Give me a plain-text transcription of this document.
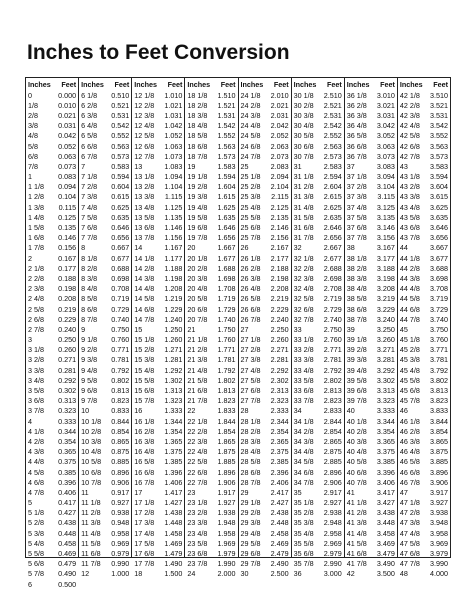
Inches to Feet Conversion
Inches Feet
0	0.000
1/8	0.010
2/8	0.021
3/8	0.031
4/8	0.042
5/8	0.052
6/8	0.063
7/8	0.073
1	0.083
1 1/8 0.094
1 2/8 0.104
1 3/8 0.115
1 4/8 0.125
1 5/8 0.135
1 6/8 0.146
1 7/8 0.156
2	0.167
2 1/8 0.177
2 2/8 0.188
2 3/8 0.198
2 4/8 0.208
2 5/8 0.219
2 6/8 0.229
2 7/8 0.240
3	0.250
3 1/8 0.260
3 2/8 0.271
3 3/8 0.281
3 4/8 0.292
3 5/8 0.302
3 6/8 0.313
3 7/8 0.323
4	0.333
4 1/8 0.344
4 2/8 0.354
4 3/8 0.365
4 4/8 0.375
4 5/8 0.385
4 6/8 0.396
4 7/8 0.406
5	0.417
5 1/8 0.427
5 2/8 0.438
5 3/8 0.448
5 4/8 0.458
5 5/8 0.469
5 6/8 0.479
5 7/8 0.490
6	0.500
Inches Feet
6 1/8 0.510
6 2/8 0.521
6 3/8 0.531
6 4/8 0.542
6 5/8 0.552
6 6/8 0.563
6 7/8 0.573
7	0.583
7 1/8 0.594
7 2/8 0.604
7 3/8 0.615
7 4/8 0.625
7 5/8 0.635
7 6/8 0.646
7 7/8 0.656
8	0.667
8 1/8 0.677
8 2/8 0.688
8 3/8 0.698
8 4/8 0.708
8 5/8 0.719
8 6/8 0.729
8 7/8 0.740
9	0.750
9 1/8 0.760
9 2/8 0.771
9 3/8 0.781
9 4/8 0.792
9 5/8 0.802
9 6/8 0.813
9 7/8 0.823
10	0.833
10 1/8 0.844
10 2/8 0.854
10 3/8 0.865
10 4/8 0.875
10 5/8 0.885
10 6/8 0.896
10 7/8 0.906
11	0.917
11 1/8 0.927
11 2/8 0.938
11 3/8 0.948
11 4/8 0.958
11 5/8 0.969
11 6/8 0.979
11 7/8 0.990
12	1.000
Inches Feet
12 1/8 1.010
12 2/8 1.021
12 3/8 1.031
12 4/8 1.042
12 5/8 1.052
12 6/8 1.063
12 7/8 1.073
13	1.083
13 1/8 1.094
13 2/8 1.104
13 3/8 1.115
13 4/8 1.125
13 5/8 1.135
13 6/8 1.146
13 7/8 1.156
14	1.167
14 1/8 1.177
14 2/8 1.188
14 3/8 1.198
14 4/8 1.208
14 5/8 1.219
14 6/8 1.229
14 7/8 1.240
15	1.250
15 1/8 1.260
15 2/8 1.271
15 3/8 1.281
15 4/8 1.292
15 5/8 1.302
15 6/8 1.313
15 7/8 1.323
16	1.333
16 1/8 1.344
16 2/8 1.354
16 3/8 1.365
16 4/8 1.375
16 5/8 1.385
16 6/8 1.396
16 7/8 1.406
17	1.417
17 1/8 1.427
17 2/8 1.438
17 3/8 1.448
17 4/8 1.458
17 5/8 1.469
17 6/8 1.479
17 7/8 1.490
18	1.500
Inches Feet
18 1/8 1.510
18 2/8 1.521
18 3/8 1.531
18 4/8 1.542
18 5/8 1.552
18 6/8 1.563
18 7/8 1.573
19	1.583
19 1/8 1.594
19 2/8 1.604
19 3/8 1.615
19 4/8 1.625
19 5/8 1.635
19 6/8 1.646
19 7/8 1.656
20	1.667
20 1/8 1.677
20 2/8 1.688
20 3/8 1.698
20 4/8 1.708
20 5/8 1.719
20 6/8 1.729
20 7/8 1.740
21	1.750
21 1/8 1.760
21 2/8 1.771
21 3/8 1.781
21 4/8 1.792
21 5/8 1.802
21 6/8 1.813
21 7/8 1.823
22	1.833
22 1/8 1.844
22 2/8 1.854
22 3/8 1.865
22 4/8 1.875
22 5/8 1.885
22 6/8 1.896
22 7/8 1.906
23	1.917
23 1/8 1.927
23 2/8 1.938
23 3/8 1.948
23 4/8 1.958
23 5/8 1.969
23 6/8 1.979
23 7/8 1.990
24	2.000
Inches Feet
24 1/8 2.010
24 2/8 2.021
24 3/8 2.031
24 4/8 2.042
24 5/8 2.052
24 6/8 2.063
24 7/8 2.073
25	2.083
25 1/8 2.094
25 2/8 2.104
25 3/8 2.115
25 4/8 2.125
25 5/8 2.135
25 6/8 2.146
25 7/8 2.156
26	2.167
26 1/8 2.177
26 2/8 2.188
26 3/8 2.198
26 4/8 2.208
26 5/8 2.219
26 6/8 2.229
26 7/8 2.240
27	2.250
27 1/8 2.260
27 2/8 2.271
27 3/8 2.281
27 4/8 2.292
27 5/8 2.302
27 6/8 2.313
27 7/8 2.323
28	2.333
28 1/8 2.344
28 2/8 2.354
28 3/8 2.365
28 4/8 2.375
28 5/8 2.385
28 6/8 2.396
28 7/8 2.406
29	2.417
29 1/8 2.427
29 2/8 2.438
29 3/8 2.448
29 4/8 2.458
29 5/8 2.469
29 6/8 2.479
29 7/8 2.490
30	2.500
Inches Feet
30 1/8 2.510
30 2/8 2.521
30 3/8 2.531
30 4/8 2.542
30 5/8 2.552
30 6/8 2.563
30 7/8 2.573
31	2.583
31 1/8 2.594
31 2/8 2.604
31 3/8 2.615
31 4/8 2.625
31 5/8 2.635
31 6/8 2.646
31 7/8 2.656
32	2.667
32 1/8 2.677
32 2/8 2.688
32 3/8 2.698
32 4/8 2.708
32 5/8 2.719
32 6/8 2.729
32 7/8 2.740
33	2.750
33 1/8 2.760
33 2/8 2.771
33 3/8 2.781
33 4/8 2.792
33 5/8 2.802
33 6/8 2.813
33 7/8 2.823
34	2.833
34 1/8 2.844
34 2/8 2.854
34 3/8 2.865
34 4/8 2.875
34 5/8 2.885
34 6/8 2.896
34 7/8 2.906
35	2.917
35 1/8 2.927
35 2/8 2.938
35 3/8 2.948
35 4/8 2.958
35 5/8 2.969
35 6/8 2.979
35 7/8 2.990
36	3.000
Inches Feet
36 1/8 3.010
36 2/8 3.021
36 3/8 3.031
36 4/8 3.042
36 5/8 3.052
36 6/8 3.063
36 7/8 3.073
37	3.083
37 1/8 3.094
37 2/8 3.104
37 3/8 3.115
37 4/8 3.125
37 5/8 3.135
37 6/8 3.146
37 7/8 3.156
38	3.167
38 1/8 3.177
38 2/8 3.188
38 3/8 3.198
38 4/8 3.208
38 5/8 3.219
38 6/8 3.229
38 7/8 3.240
39	3.250
39 1/8 3.260
39 2/8 3.271
39 3/8 3.281
39 4/8 3.292
39 5/8 3.302
39 6/8 3.313
39 7/8 3.323
40	3.333
40 1/8 3.344
40 2/8 3.354
40 3/8 3.365
40 4/8 3.375
40 5/8 3.385
40 6/8 3.396
40 7/8 3.406
41	3.417
41 1/8 3.427
41 2/8 3.438
41 3/8 3.448
41 4/8 3.458
41 5/8 3.469
41 6/8 3.479
41 7/8 3.490
42	3.500
Inches Feet
42 1/8 3.510
42 2/8 3.521
42 3/8 3.531
42 4/8 3.542
42 5/8 3.552
42 6/8 3.563
42 7/8 3.573
43	3.583
43 1/8 3.594
43 2/8 3.604
43 3/8 3.615
43 4/8 3.625
43 5/8 3.635
43 6/8 3.646
43 7/8 3.656
44	3.667
44 1/8 3.677
44 2/8 3.688
44 3/8 3.698
44 4/8 3.708
44 5/8 3.719
44 6/8 3.729
44 7/8 3.740
45	3.750
45 1/8 3.760
45 2/8 3.771
45 3/8 3.781
45 4/8 3.792
45 5/8 3.802
45 6/8 3.813
45 7/8 3.823
46	3.833
46 1/8 3.844
46 2/8 3.854
46 3/8 3.865
46 4/8 3.875
46 5/8 3.885
46 6/8 3.896
46 7/8 3.906
47	3.917
47 1/8 3.927
47 2/8 3.938
47 3/8 3.948
47 4/8 3.958
47 5/8 3.969
47 6/8 3.979
47 7/8 3.990
48	4.000
